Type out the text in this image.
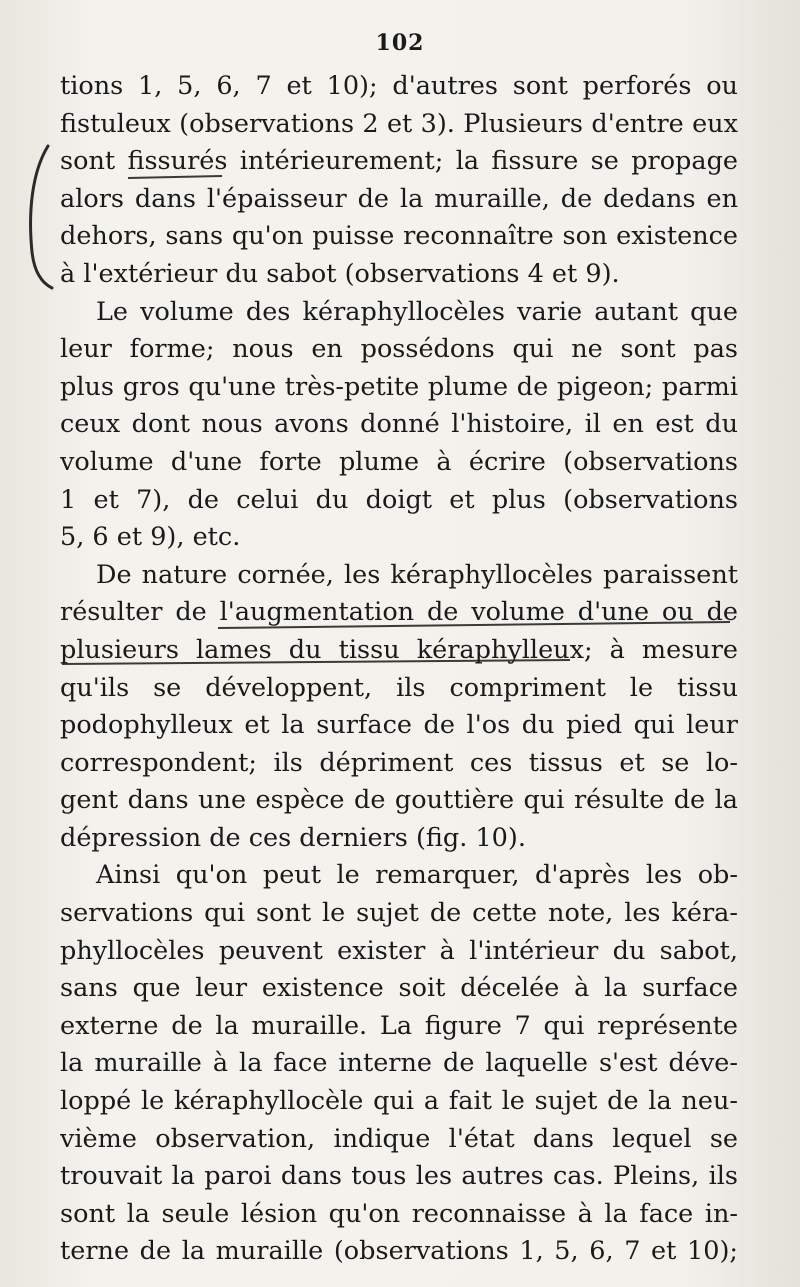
102
tions 1, 5, 6, 7 et 10); d'autres sont perforés ou
fistuleux (observations 2 et 3). Plusieurs d'entre eux
sont fissurés intérieurement; la fissure se propage
alors dans l'épaisseur de la muraille, de dedans en
dehors, sans qu'on puisse reconnaître son existence
à l'extérieur du sabot (observations 4 et 9).
Le volume des kéraphyllocèles varie autant que
leur forme; nous en possédons qui ne sont pas
plus gros qu'une très-petite plume de pigeon; parmi
ceux dont nous avons donné l'histoire, il en est du
volume d'une forte plume à écrire (observations
1 et 7), de celui du doigt et plus (observations
5, 6 et 9), etc.
De nature cornée, les kéraphyllocèles paraissent
résulter de l'augmentation de volume d'une ou de
plusieurs lames du tissu kéraphylleux; à mesure
qu'ils se développent, ils compriment le tissu
podophylleux et la surface de l'os du pied qui leur
correspondent; ils dépriment ces tissus et se lo-
gent dans une espèce de gouttière qui résulte de la
dépression de ces derniers (fig. 10).
Ainsi qu'on peut le remarquer, d'après les ob-
servations qui sont le sujet de cette note, les kéra-
phyllocèles peuvent exister à l'intérieur du sabot,
sans que leur existence soit décelée à la surface
externe de la muraille. La figure 7 qui représente
la muraille à la face interne de laquelle s'est déve-
loppé le kéraphyllocèle qui a fait le sujet de la neu-
vième observation, indique l'état dans lequel se
trouvait la paroi dans tous les autres cas. Pleins, ils
sont la seule lésion qu'on reconnaisse à la face in-
terne de la muraille (observations 1, 5, 6, 7 et 10);
